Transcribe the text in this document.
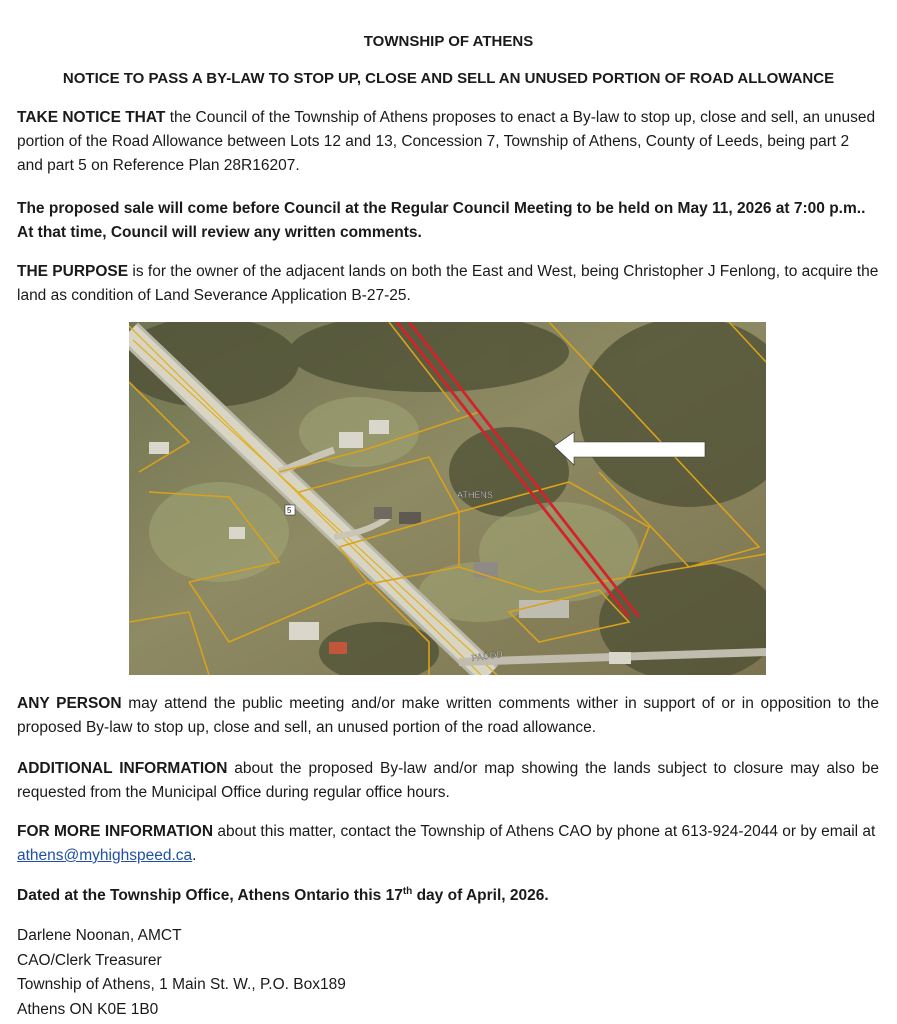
TOWNSHIP OF ATHENS
NOTICE TO PASS A BY-LAW TO STOP UP, CLOSE AND SELL AN UNUSED PORTION OF ROAD ALLOWANCE
TAKE NOTICE THAT the Council of the Township of Athens proposes to enact a By-law to stop up, close and sell, an unused portion of the Road Allowance between Lots 12 and 13, Concession 7, Township of Athens, County of Leeds, being part 2 and part 5 on Reference Plan 28R16207.
The proposed sale will come before Council at the Regular Council Meeting to be held on May 11, 2026 at 7:00 p.m.. At that time, Council will review any written comments.
THE PURPOSE is for the owner of the adjacent lands on both the East and West, being Christopher J Fenlong, to acquire the land as condition of Land Severance Application B-27-25.
ATHENS
5
PACOD
ANY PERSON may attend the public meeting and/or make written comments wither in support of or in opposition to the proposed By-law to stop up, close and sell, an unused portion of the road allowance.
ADDITIONAL INFORMATION about the proposed By-law and/or map showing the lands subject to closure may also be requested from the Municipal Office during regular office hours.
FOR MORE INFORMATION about this matter, contact the Township of Athens CAO by phone at 613-924-2044 or by email at athens@myhighspeed.ca.
Dated at the Township Office, Athens Ontario this 17th day of April, 2026.
Darlene Noonan, AMCT
CAO/Clerk Treasurer
Township of Athens, 1 Main St. W., P.O. Box189
Athens ON K0E 1B0
